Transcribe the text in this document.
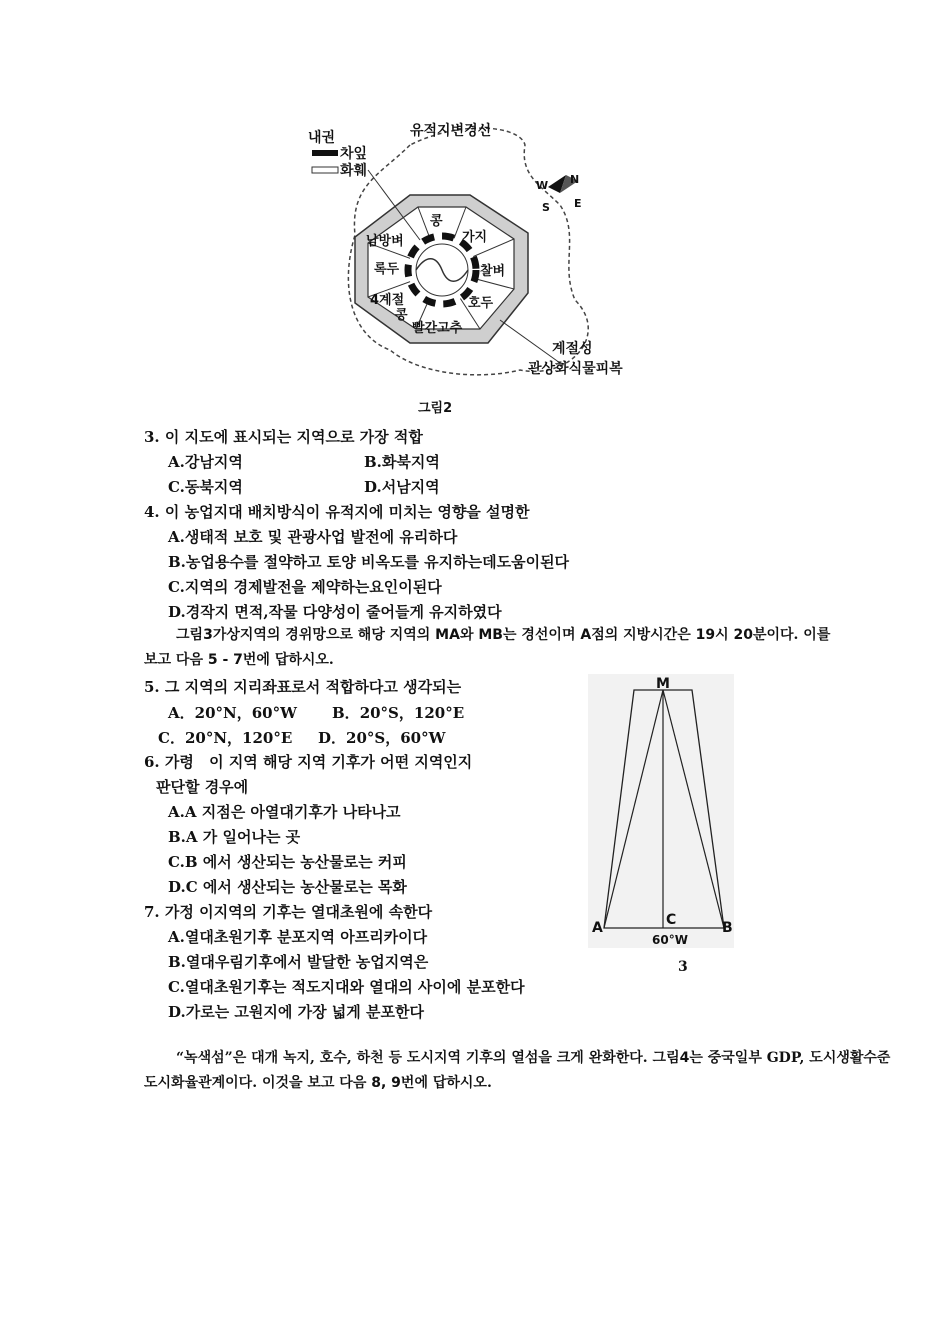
콩
가지
찰벼
호두
빨간고추
콩
4계절
록두
남방벼
유적지변경선
내권
차잎
화훼
W N
S E
계절성
관상화식물피복
그림2
3. 이 지도에 표시되는 지역으로 가장 적합
A.강남지역	B.화북지역
C.동북지역	D.서남지역
4. 이 농업지대 배치방식이 유적지에 미치는 영향을 설명한
A.생태적 보호 및 관광사업 발전에 유리하다
B.농업용수를 절약하고 토양 비옥도를 유지하는데도움이된다
C.지역의 경제발전을 제약하는요인이된다
D.경작지 면적,작물 다양성이 줄어들게 유지하였다
그림3가상지역의 경위망으로 해당 지역의 MA와 MB는 경선이며 A점의 지방시간은 19시 20분이다. 이를
보고 다음 5 - 7번에 답하시오.
5. 그 지역의 지리좌표로서 적합하다고 생각되는
A．20°N，60°W B．20°S，120°E
C．20°N，120°E D．20°S，60°W
6. 가령 이 지역 해당 지역 기후가 어떤 지역인지
판단할 경우에
A.A 지점은 아열대기후가 나타나고
B.A 가 일어나는 곳
C.B 에서 생산되는 농산물로는 커피
D.C 에서 생산되는 농산물로는 목화
7. 가정 이지역의 기후는 열대초원에 속한다
A.열대초원기후 분포지역 아프리카이다
B.열대우림기후에서 발달한 농업지역은
C.열대초원기후는 적도지대와 열대의 사이에 분포한다
D.가로는 고원지에 가장 넓게 분포한다
M
A	B
C
60°W
3
“녹색섬”은 대개 녹지, 호수, 하천 등 도시지역 기후의 열섬을 크게 완화한다. 그림4는 중국일부 GDP, 도시생활수준
도시화율관계이다. 이것을 보고 다음 8, 9번에 답하시오.
